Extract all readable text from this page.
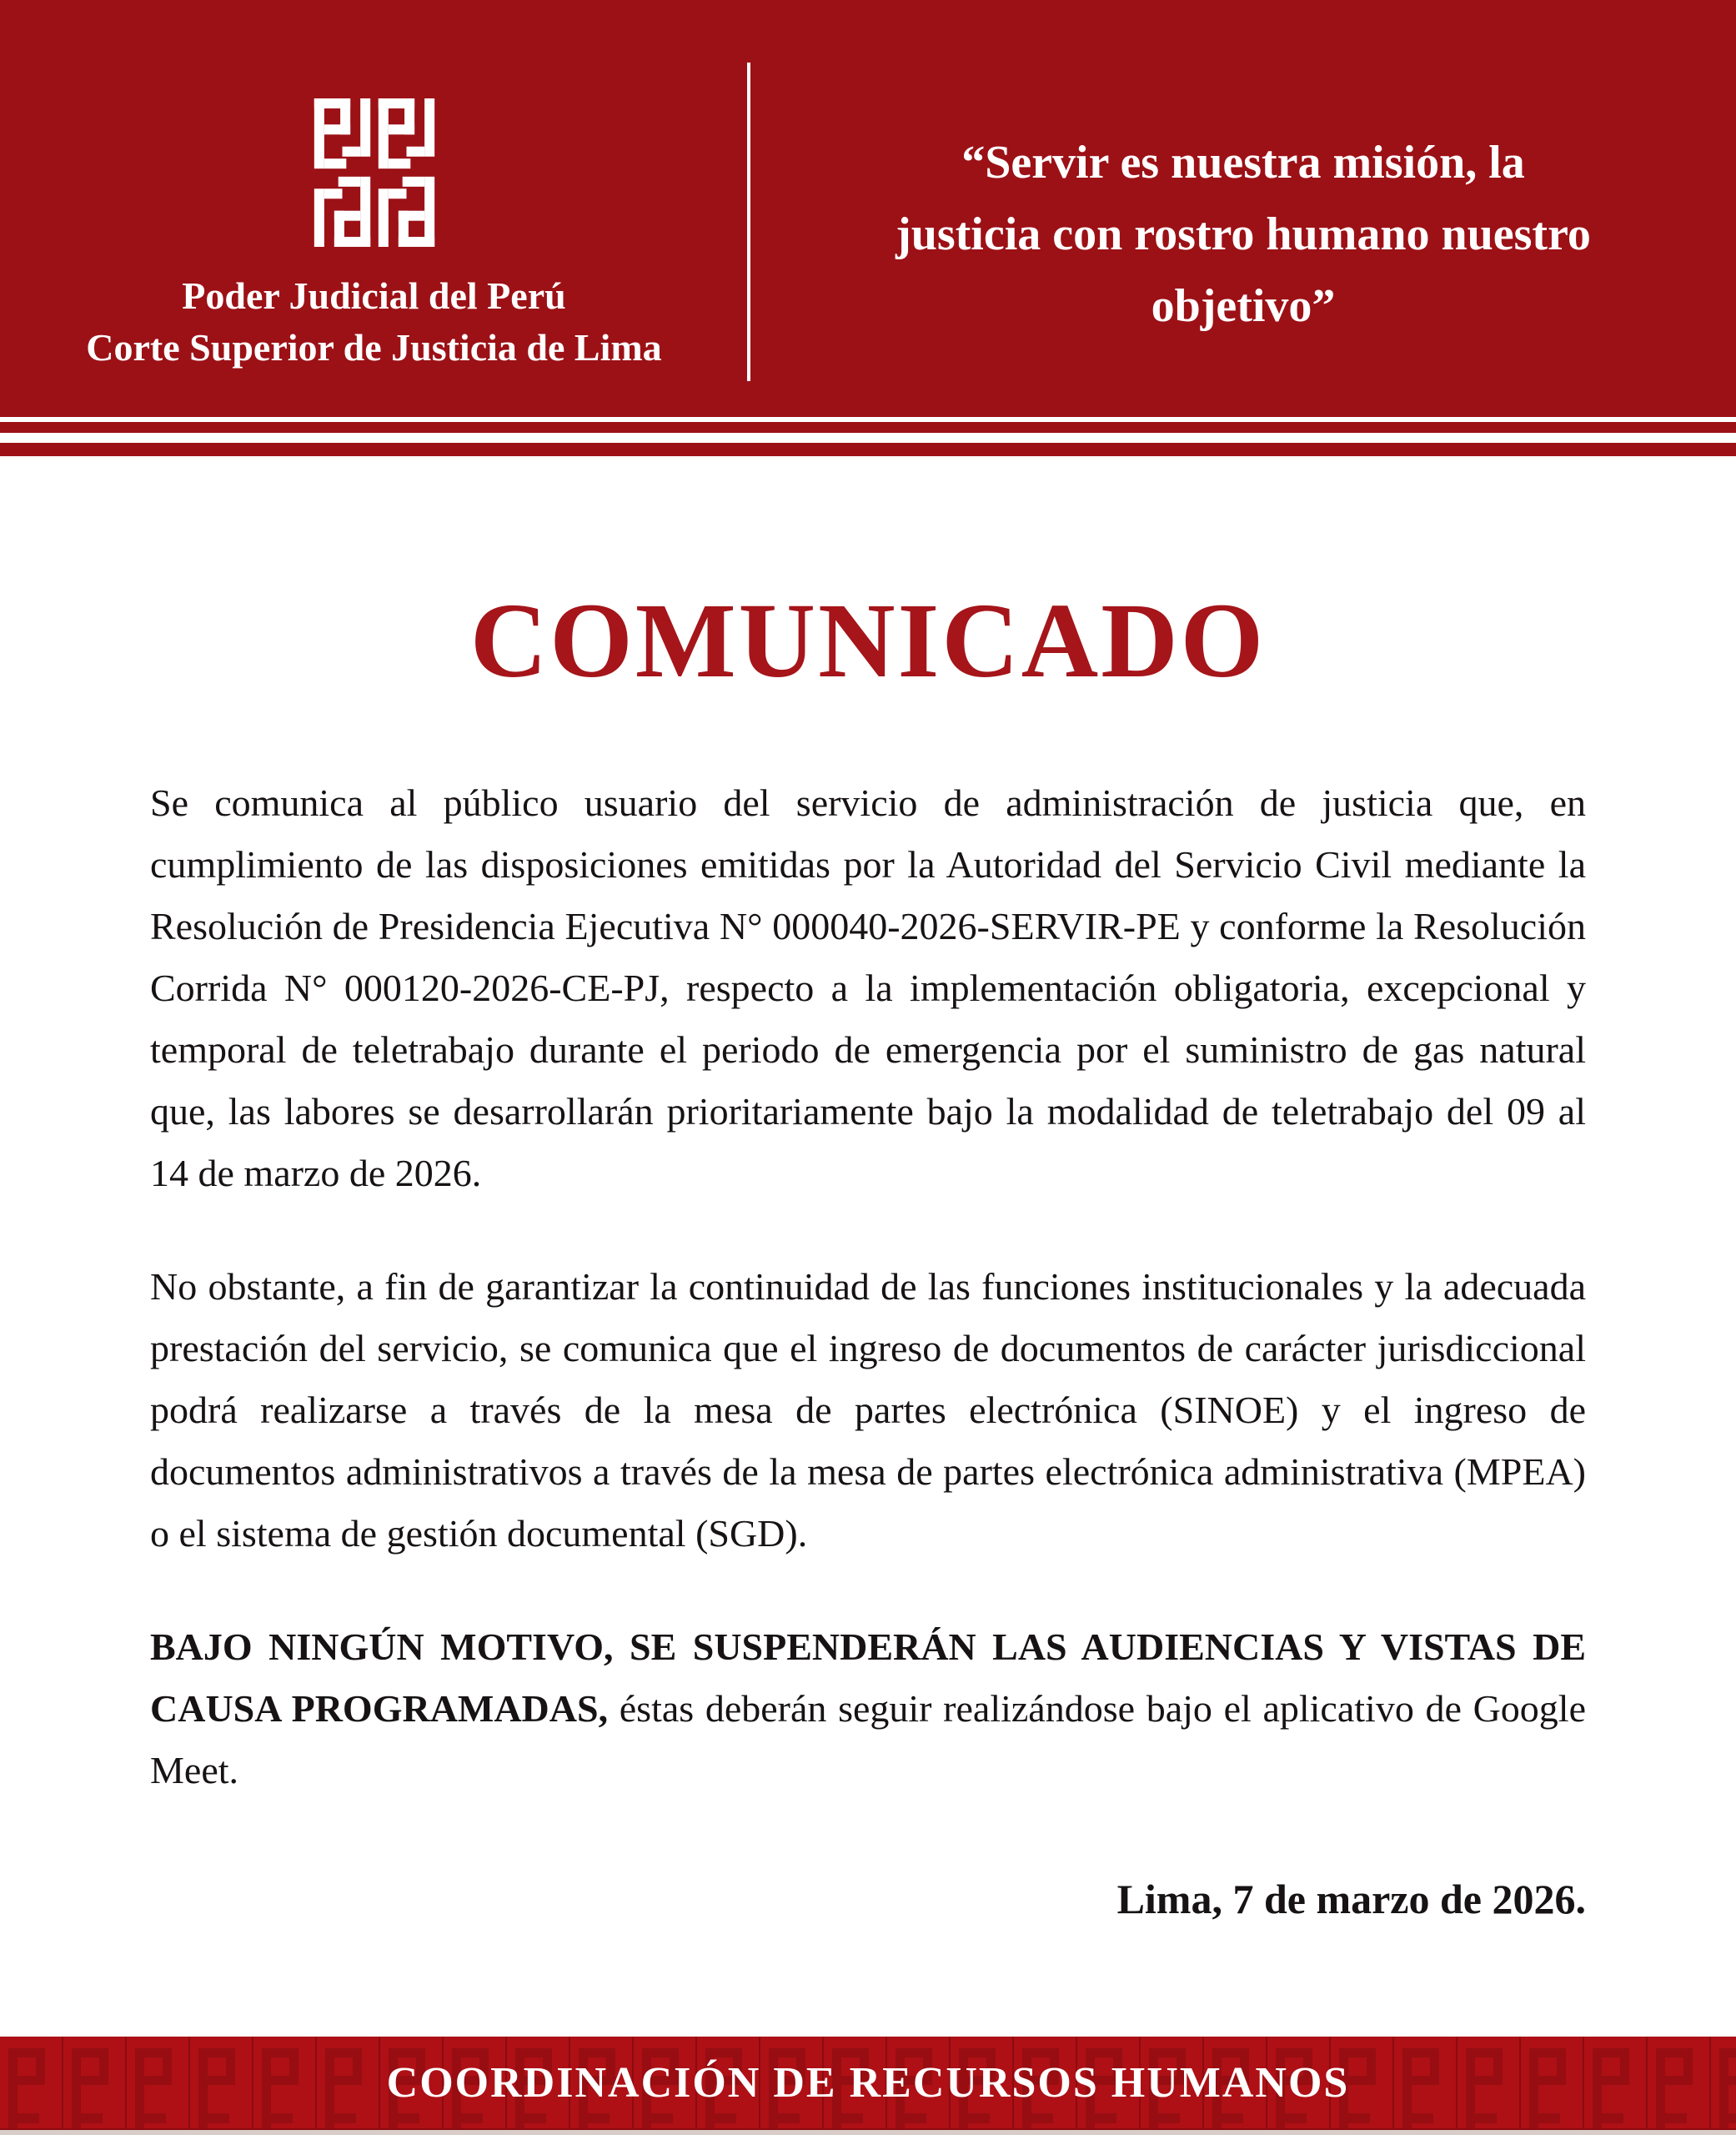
Poder Judicial del Perú
Corte Superior de Justicia de Lima
“Servir es nuestra misión, la
justicia con rostro humano nuestro
objetivo”
COMUNICADO

Se comunica al público usuario del servicio de administración de justicia que, en cumplimiento de las disposiciones emitidas por la Autoridad del Servicio Civil mediante la Resolución de Presidencia Ejecutiva N° 000040-2026-SERVIR-PE y conforme la Resolución Corrida N° 000120-2026-CE-PJ, respecto a la implementación obligatoria, excepcional y temporal de teletrabajo durante el periodo de emergencia por el suministro de gas natural que, las labores se desarrollarán prioritariamente bajo la modalidad de teletrabajo del 09 al 14 de marzo de 2026.

No obstante, a fin de garantizar la continuidad de las funciones institucionales y la adecuada prestación del servicio, se comunica que el ingreso de documentos de carácter jurisdiccional podrá realizarse a través de la mesa de partes electrónica (SINOE) y el ingreso de documentos administrativos a través de la mesa de partes electrónica administrativa (MPEA) o el sistema de gestión documental (SGD).

BAJO NINGÚN MOTIVO, SE SUSPENDERÁN LAS AUDIENCIAS Y VISTAS DE CAUSA PROGRAMADAS, éstas deberán seguir realizándose bajo el aplicativo de Google Meet.

Lima, 7 de marzo de 2026.
COORDINACIÓN DE RECURSOS HUMANOS
